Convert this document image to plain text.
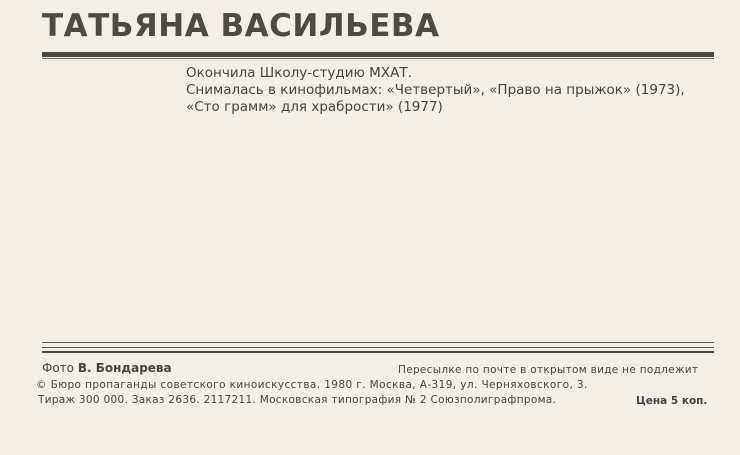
ТАТЬЯНА ВАСИЛЬЕВА
Окончила Школу-студию МХАТ.
Снималась в кинофильмах: «Четвертый», «Право на прыжок» (1973),
«Сто грамм» для храбрости» (1977)
Фото В. Бондарева	Пересылке по почте в открытом виде не подлежит
© Бюро пропаганды советского киноискусства. 1980 г. Москва, А-319, ул. Черняховского, 3.
Тираж 300 000. Заказ 2636. 2117211. Московская типография № 2 Союзполиграфпрома.	Цена 5 коп.
